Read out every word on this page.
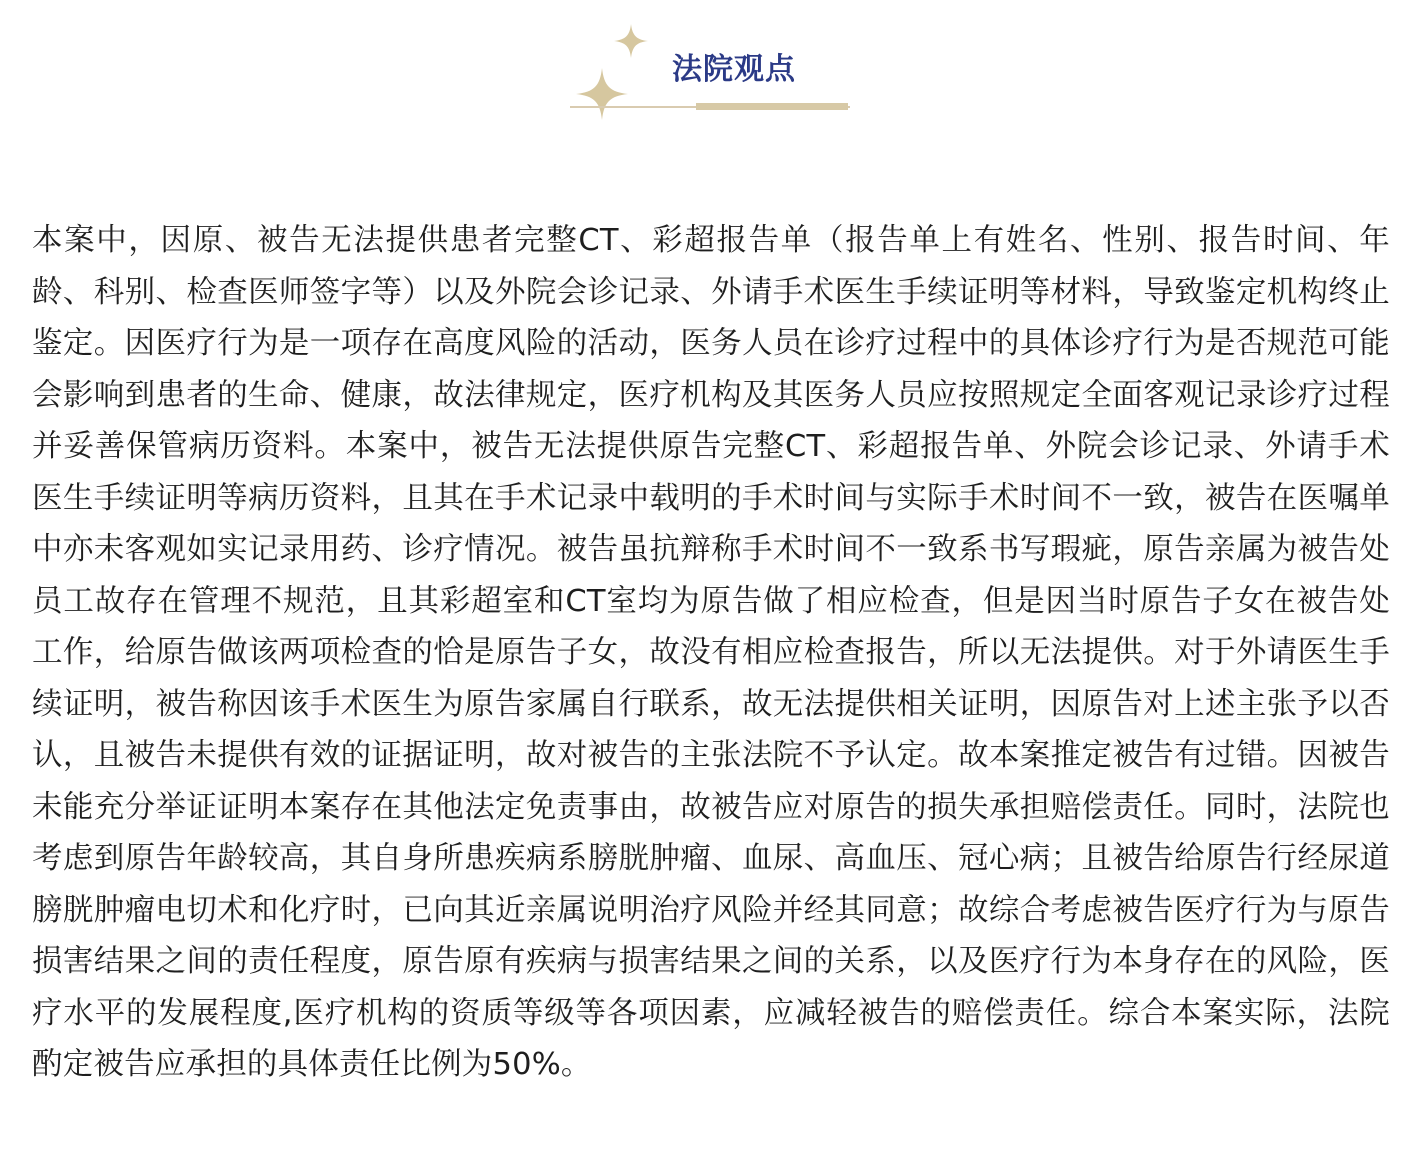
法院观点

本案中，因原、被告无法提供患者完整CT、彩超报告单（报告单上有姓名、性别、报告时间、年龄、科别、检查医师签字等）以及外院会诊记录、外请手术医生手续证明等材料，导致鉴定机构终止鉴定。因医疗行为是一项存在高度风险的活动，医务人员在诊疗过程中的具体诊疗行为是否规范可能会影响到患者的生命、健康，故法律规定，医疗机构及其医务人员应按照规定全面客观记录诊疗过程并妥善保管病历资料。本案中，被告无法提供原告完整CT、彩超报告单、外院会诊记录、外请手术医生手续证明等病历资料，且其在手术记录中载明的手术时间与实际手术时间不一致，被告在医嘱单中亦未客观如实记录用药、诊疗情况。被告虽抗辩称手术时间不一致系书写瑕疵，原告亲属为被告处员工故存在管理不规范，且其彩超室和CT室均为原告做了相应检查，但是因当时原告子女在被告处工作，给原告做该两项检查的恰是原告子女，故没有相应检查报告，所以无法提供。对于外请医生手续证明，被告称因该手术医生为原告家属自行联系，故无法提供相关证明，因原告对上述主张予以否认，且被告未提供有效的证据证明，故对被告的主张法院不予认定。故本案推定被告有过错。因被告未能充分举证证明本案存在其他法定免责事由，故被告应对原告的损失承担赔偿责任。同时，法院也考虑到原告年龄较高，其自身所患疾病系膀胱肿瘤、血尿、高血压、冠心病；且被告给原告行经尿道膀胱肿瘤电切术和化疗时，已向其近亲属说明治疗风险并经其同意；故综合考虑被告医疗行为与原告损害结果之间的责任程度，原告原有疾病与损害结果之间的关系，以及医疗行为本身存在的风险，医疗水平的发展程度,医疗机构的资质等级等各项因素，应减轻被告的赔偿责任。综合本案实际，法院酌定被告应承担的具体责任比例为50%。
